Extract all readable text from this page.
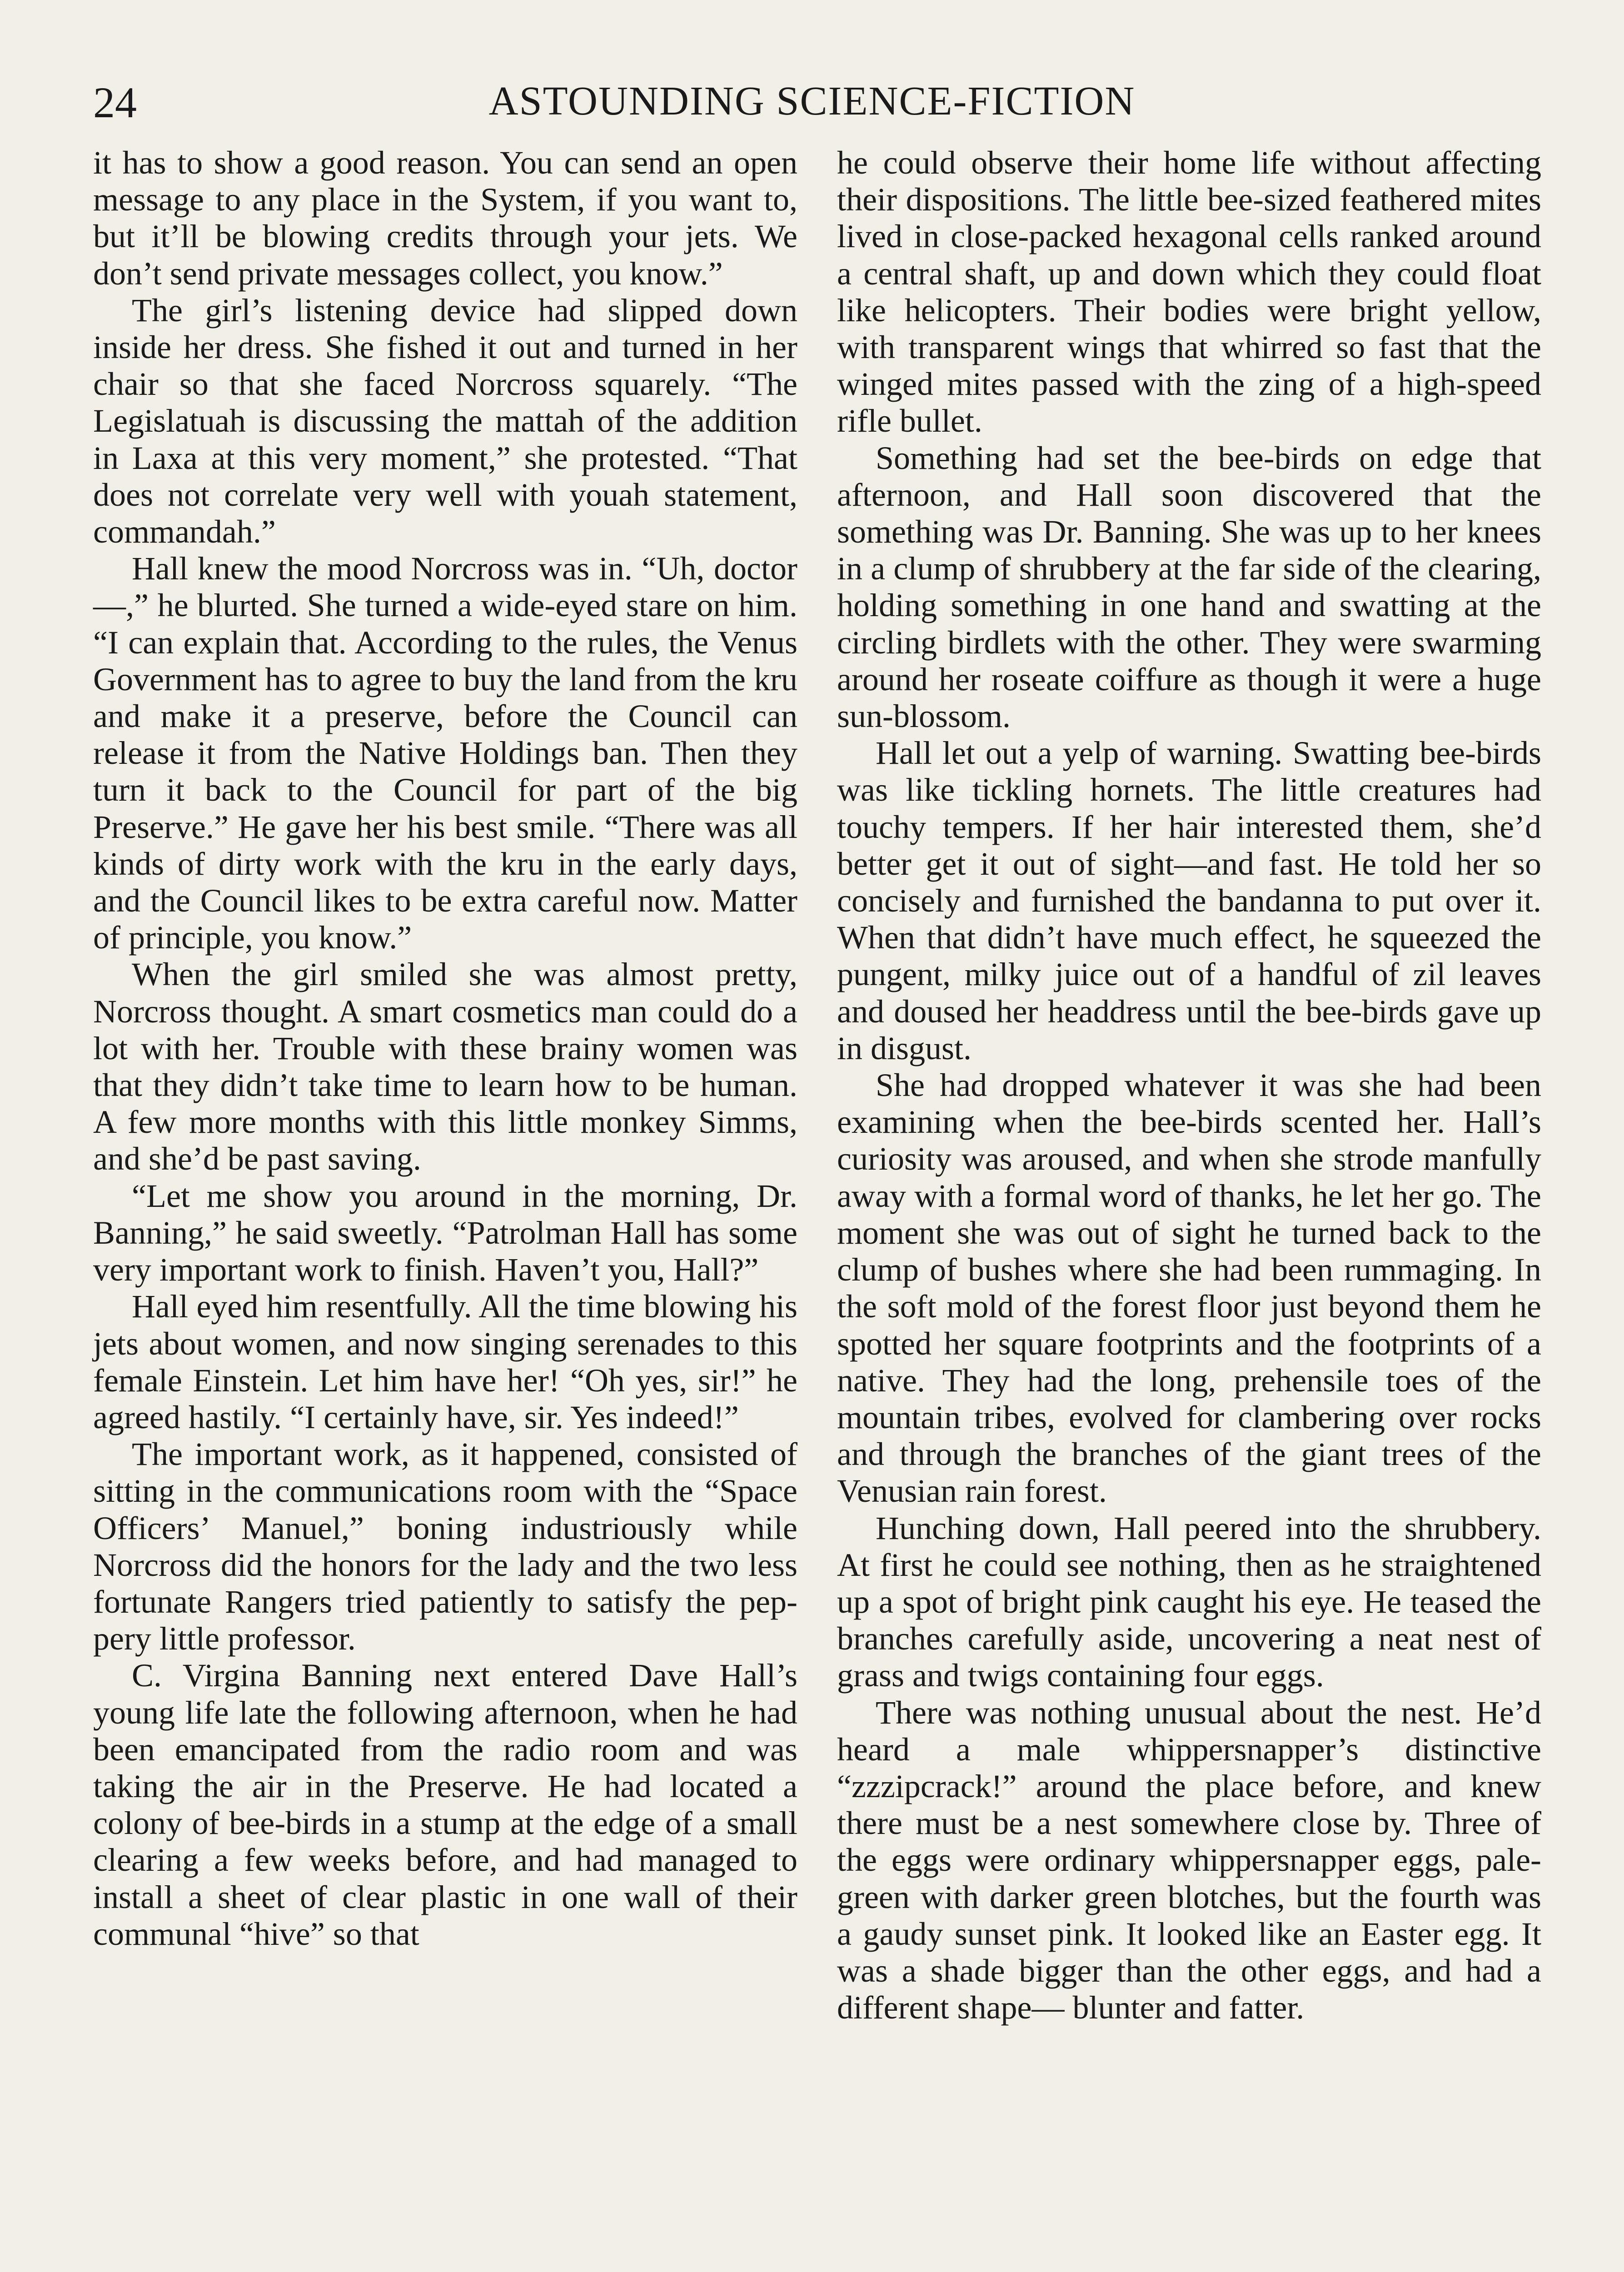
24	ASTOUNDING SCIENCE-FICTION

it has to show a good reason. You can send an open message to any place in the System, if you want to, but it’ll be blowing credits through your jets. We don’t send private messages collect, you know.”

The girl’s listening device had slipped down inside her dress. She fished it out and turned in her chair so that she faced Norcross squarely. “The Legislatuah is discussing the mattah of the addition in Laxa at this very moment,” she protested. “That does not correlate very well with youah statement, commandah.”

Hall knew the mood Norcross was in. “Uh, doctor—,” he blurted. She turned a wide-eyed stare on him. “I can explain that. According to the rules, the Venus Government has to agree to buy the land from the kru and make it a preserve, before the Council can release it from the Native Holdings ban. Then they turn it back to the Council for part of the big Preserve.” He gave her his best smile. “There was all kinds of dirty work with the kru in the early days, and the Council likes to be extra careful now. Matter of principle, you know.”

When the girl smiled she was almost pretty, Norcross thought. A smart cosmetics man could do a lot with her. Trouble with these brainy women was that they didn’t take time to learn how to be human. A few more months with this little monkey Simms, and she’d be past saving.

“Let me show you around in the morning, Dr. Banning,” he said sweetly. “Patrolman Hall has some very important work to finish. Haven’t you, Hall?”

Hall eyed him resentfully. All the time blowing his jets about women, and now singing serenades to this female Einstein. Let him have her! “Oh yes, sir!” he agreed hastily. “I certainly have, sir. Yes indeed!”

The important work, as it happened, consisted of sitting in the communications room with the “Space Officers’ Manuel,” boning industriously while Norcross did the honors for the lady and the two less fortunate Rangers tried patiently to satisfy the peppery little professor.

C. Virgina Banning next entered Dave Hall’s young life late the following afternoon, when he had been emancipated from the radio room and was taking the air in the Preserve. He had located a colony of bee-birds in a stump at the edge of a small clearing a few weeks before, and had managed to install a sheet of clear plastic in one wall of their communal “hive” so that

he could observe their home life without affecting their dispositions. The little bee-sized feathered mites lived in close-packed hexagonal cells ranked around a central shaft, up and down which they could float like helicopters. Their bodies were bright yellow, with transparent wings that whirred so fast that the winged mites passed with the zing of a high-speed rifle bullet.

Something had set the bee-birds on edge that afternoon, and Hall soon discovered that the something was Dr. Banning. She was up to her knees in a clump of shrubbery at the far side of the clearing, holding something in one hand and swatting at the circling birdlets with the other. They were swarming around her roseate coiffure as though it were a huge sun-blossom.

Hall let out a yelp of warning. Swatting bee-birds was like tickling hornets. The little creatures had touchy tempers. If her hair interested them, she’d better get it out of sight—and fast. He told her so concisely and furnished the bandanna to put over it. When that didn’t have much effect, he squeezed the pungent, milky juice out of a handful of zil leaves and doused her headdress until the bee-birds gave up in disgust.

She had dropped whatever it was she had been examining when the bee-birds scented her. Hall’s curiosity was aroused, and when she strode manfully away with a formal word of thanks, he let her go. The moment she was out of sight he turned back to the clump of bushes where she had been rummaging. In the soft mold of the forest floor just beyond them he spotted her square footprints and the footprints of a native. They had the long, prehensile toes of the mountain tribes, evolved for clambering over rocks and through the branches of the giant trees of the Venusian rain forest.

Hunching down, Hall peered into the shrubbery. At first he could see nothing, then as he straightened up a spot of bright pink caught his eye. He teased the branches carefully aside, uncovering a neat nest of grass and twigs containing four eggs.

There was nothing unusual about the nest. He’d heard a male whippersnapper’s distinctive “zzzipcrack!” around the place before, and knew there must be a nest somewhere close by. Three of the eggs were ordinary whippersnapper eggs, pale-green with darker green blotches, but the fourth was a gaudy sunset pink. It looked like an Easter egg. It was a shade bigger than the other eggs, and had a different shape— blunter and fatter.
